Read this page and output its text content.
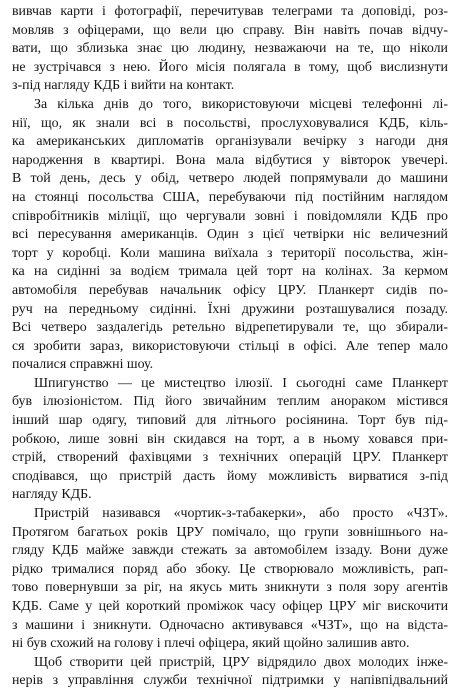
вивчав карти і фотографії, перечитував телеграми та доповіді, роз-
мовляв з офіцерами, що вели цю справу. Він навіть почав відчу-
вати, що зблизька знає цю людину, незважаючи на те, що ніколи
не зустрічався з нею. Його місія полягала в тому, щоб вислизнути
з-під нагляду КДБ і вийти на контакт.
За кілька днів до того, використовуючи місцеві телефонні лі-
нії, що, як знали всі в посольстві, прослуховувалися КДБ, кіль-
ка американських дипломатів організували вечірку з нагоди дня
народження в квартирі. Вона мала відбутися у вівторок увечері.
В той день, десь у обід, четверо людей попрямували до машини
на стоянці посольства США, перебуваючи під постійним наглядом
співробітників міліції, що чергували зовні і повідомляли КДБ про
всі пересування американців. Один з цієї четвірки ніс величезний
торт у коробці. Коли машина виїхала з території посольства, жін-
ка на сидінні за водієм тримала цей торт на колінах. За кермом
автомобіля перебував начальник офісу ЦРУ. Планкерт сидів по-
руч на передньому сидінні. Їхні дружини розташувалися позаду.
Всі четверо заздалегідь ретельно відрепетирували те, що збирали-
ся зробити зараз, використовуючи стільці в офісі. Але тепер мало
почалися справжні шоу.
Шпигунство — це мистецтво ілюзії. І сьогодні саме Планкерт
був ілюзіоністом. Під його звичайним теплим анораком містився
інший шар одягу, типовий для літнього росіянина. Торт був під-
робкою, лише зовні він скидався на торт, а в ньому ховався при-
стрій, створений фахівцями з технічних операцій ЦРУ. Планкерт
сподівався, що пристрій дасть йому можливість вирватися з-під
нагляду КДБ.
Пристрій називався «чортик-з-табакерки», або просто «ЧЗТ».
Протягом багатьох років ЦРУ помічало, що групи зовнішнього на-
гляду КДБ майже завжди стежать за автомобілем іззаду. Вони дуже
рідко трималися поряд або збоку. Це створювало можливість, рап-
тово повернувши за ріг, на якусь мить зникнути з поля зору агентів
КДБ. Саме у цей короткий проміжок часу офіцер ЦРУ міг вискочити
з машини і зникнути. Одночасно активувався «ЧЗТ», що на відста-
ні був схожий на голову і плечі офіцера, який щойно залишив авто.
Щоб створити цей пристрій, ЦРУ відрядило двох молодих інже-
нерів з управління служби технічної підтримки у напівпідвальний
